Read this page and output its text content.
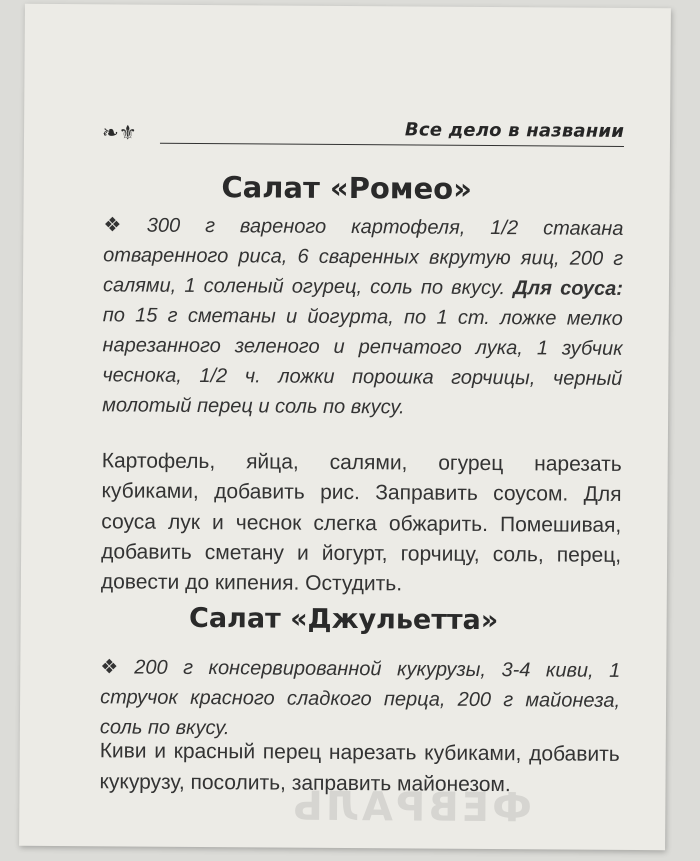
❧⚜	Все дело в названии
Салат «Ромео»
❖ 300 г вареного картофеля, 1/2 стакана отваренного риса, 6 сваренных вкрутую яиц, 200 г салями, 1 соленый огурец, соль по вкусу. Для соуса: по 15 г сметаны и йогурта, по 1 ст. ложке мелко нарезанного зеленого и репчатого лука, 1 зубчик чеснока, 1/2 ч. ложки порошка горчицы, черный молотый перец и соль по вкусу.
Картофель, яйца, салями, огурец нарезать кубиками, добавить рис. Заправить соусом. Для соуса лук и чеснок слегка обжарить. Помешивая, добавить сметану и йогурт, горчицу, соль, перец, довести до кипения. Остудить.
Салат «Джульетта»
❖ 200 г консервированной кукурузы, 3-4 киви, 1 стручок красного сладкого перца, 200 г майонеза, соль по вкусу.
Киви и красный перец нарезать кубиками, добавить кукурузу, посолить, заправить майонезом.
ФЕВРАЛЬ
